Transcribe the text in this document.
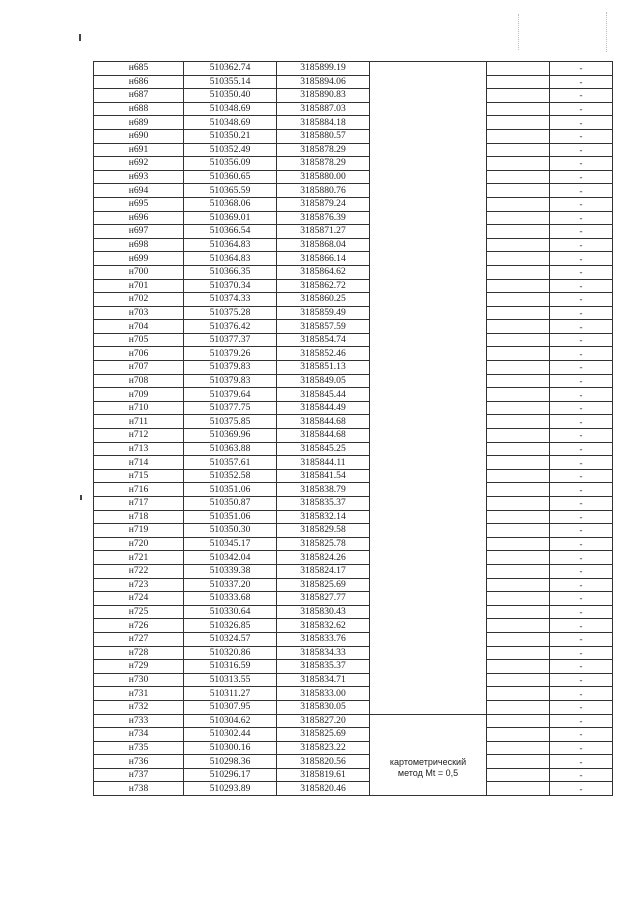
н685	510362.74	3185899.19			-
н686	510355.14	3185894.06			-
н687	510350.40	3185890.83			-
н688	510348.69	3185887.03			-
н689	510348.69	3185884.18			-
н690	510350.21	3185880.57			-
н691	510352.49	3185878.29			-
н692	510356.09	3185878.29			-
н693	510360.65	3185880.00			-
н694	510365.59	3185880.76			-
н695	510368.06	3185879.24			-
н696	510369.01	3185876.39			-
н697	510366.54	3185871.27			-
н698	510364.83	3185868.04			-
н699	510364.83	3185866.14			-
н700	510366.35	3185864.62			-
н701	510370.34	3185862.72			-
н702	510374.33	3185860.25			-
н703	510375.28	3185859.49			-
н704	510376.42	3185857.59			-
н705	510377.37	3185854.74			-
н706	510379.26	3185852.46			-
н707	510379.83	3185851.13			-
н708	510379.83	3185849.05			-
н709	510379.64	3185845.44			-
н710	510377.75	3185844.49			-
н711	510375.85	3185844.68			-
н712	510369.96	3185844.68			-
н713	510363.88	3185845.25			-
н714	510357.61	3185844.11			-
н715	510352.58	3185841.54			-
н716	510351.06	3185838.79			-
н717	510350.87	3185835.37			-
н718	510351.06	3185832.14			-
н719	510350.30	3185829.58			-
н720	510345.17	3185825.78			-
н721	510342.04	3185824.26			-
н722	510339.38	3185824.17			-
н723	510337.20	3185825.69			-
н724	510333.68	3185827.77			-
н725	510330.64	3185830.43			-
н726	510326.85	3185832.62			-
н727	510324.57	3185833.76			-
н728	510320.86	3185834.33			-
н729	510316.59	3185835.37			-
н730	510313.55	3185834.71			-
н731	510311.27	3185833.00			-
н732	510307.95	3185830.05			-
н733	510304.62	3185827.20	картометрический
метод Mt = 0,5		-
н734	510302.44	3185825.69			-
н735	510300.16	3185823.22			-
н736	510298.36	3185820.56			-
н737	510296.17	3185819.61			-
н738	510293.89	3185820.46			-
